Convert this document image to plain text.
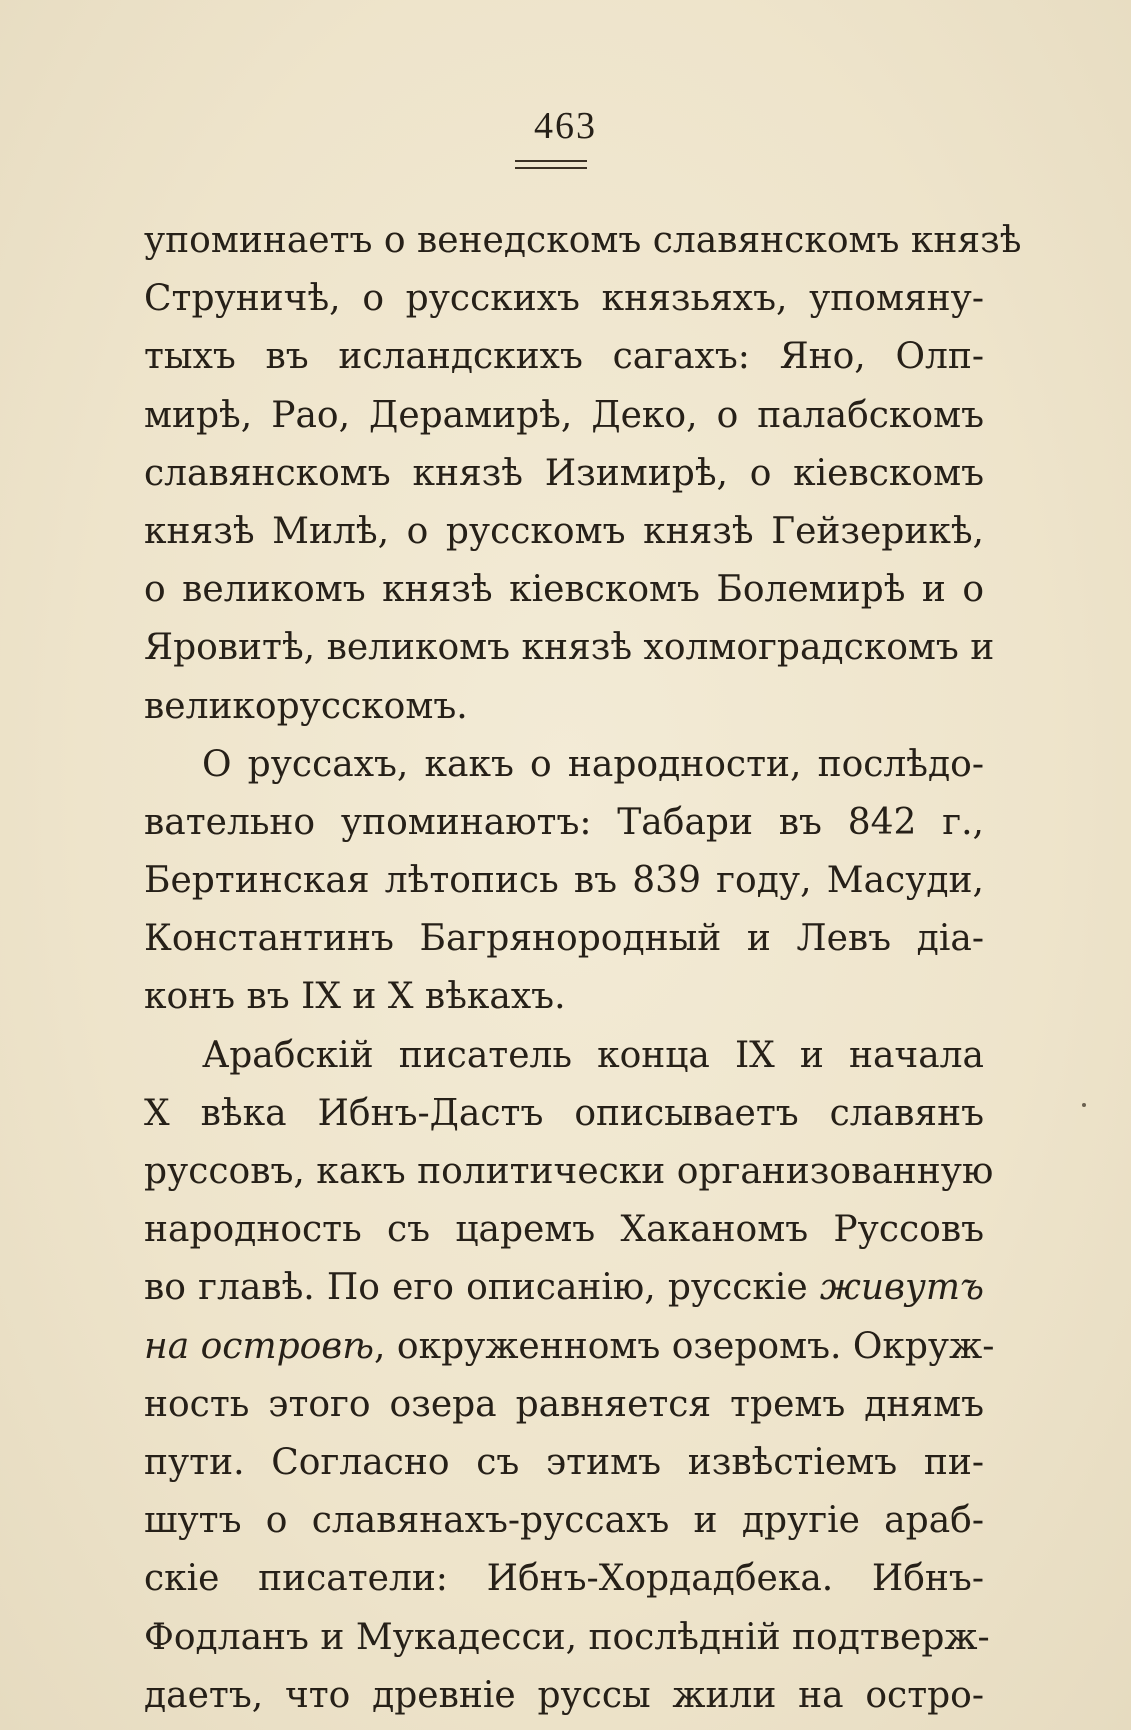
463
упоминаетъ о венедскомъ славянскомъ князѣ
Струничѣ, о русскихъ князьяхъ, упомяну-
тыхъ въ исландскихъ сагахъ: Яно, Олп-
мирѣ, Рао, Дерамирѣ, Деко, о палабскомъ
славянскомъ князѣ Изимирѣ, о кіевскомъ
князѣ Милѣ, о русскомъ князѣ Гейзерикѣ,
о великомъ князѣ кіевскомъ Болемирѣ и о
Яровитѣ, великомъ князѣ холмоградскомъ и
великорусскомъ.
О руссахъ, какъ о народности, послѣдо-
вательно упоминаютъ: Табари въ 842 г.,
Бертинская лѣтопись въ 839 году, Масуди,
Константинъ Багрянородный и Левъ діа-
конъ въ IX и X вѣкахъ.
Арабскій писатель конца IX и начала
X вѣка Ибнъ-Дастъ описываетъ славянъ
руссовъ, какъ политически организованную
народность съ царемъ Хаканомъ Руссовъ
во главѣ. По его описанію, русскіе живутъ
на островѣ, окруженномъ озеромъ. Окруж-
ность этого озера равняется тремъ днямъ
пути. Согласно съ этимъ извѣстіемъ пи-
шутъ о славянахъ-руссахъ и другіе араб-
скіе писатели: Ибнъ-Хордадбека. Ибнъ-
Фодланъ и Мукадесси, послѣдній подтверж-
даетъ, что древніе руссы жили на остро-
